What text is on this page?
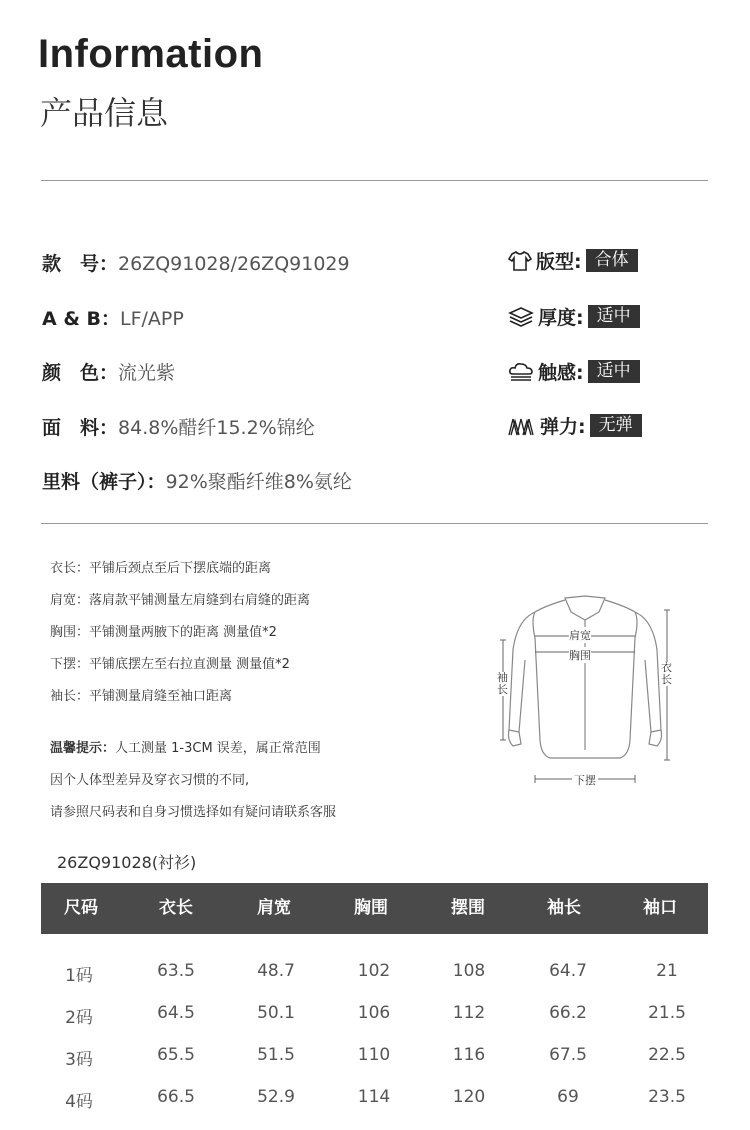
Information
产品信息
款　号：26ZQ91028/26ZQ91029
A & B：LF/APP
颜　色：流光紫
面　料：84.8%醋纤15.2%锦纶
里料（裤子）：92%聚酯纤维8%氨纶
版型: 合体
厚度: 适中
触感: 适中
弹力: 无弹
衣长：平铺后颈点至后下摆底端的距离
肩宽：落肩款平铺测量左肩缝到右肩缝的距离
胸围：平铺测量两腋下的距离 测量值*2
下摆：平铺底摆左至右拉直测量 测量值*2
袖长：平铺测量肩缝至袖口距离
温馨提示：人工测量 1-3CM 误差，属正常范围
因个人体型差异及穿衣习惯的不同,
请参照尺码表和自身习惯选择如有疑问请联系客服
肩宽
胸围
袖长
衣长
下摆
26ZQ91028(衬衫)
尺码	衣长	肩宽	胸围	摆围	袖长	袖口
1码	63.5	48.7	102	108	64.7	21
2码	64.5	50.1	106	112	66.2	21.5
3码	65.5	51.5	110	116	67.5	22.5
4码	66.5	52.9	114	120	69	23.5
